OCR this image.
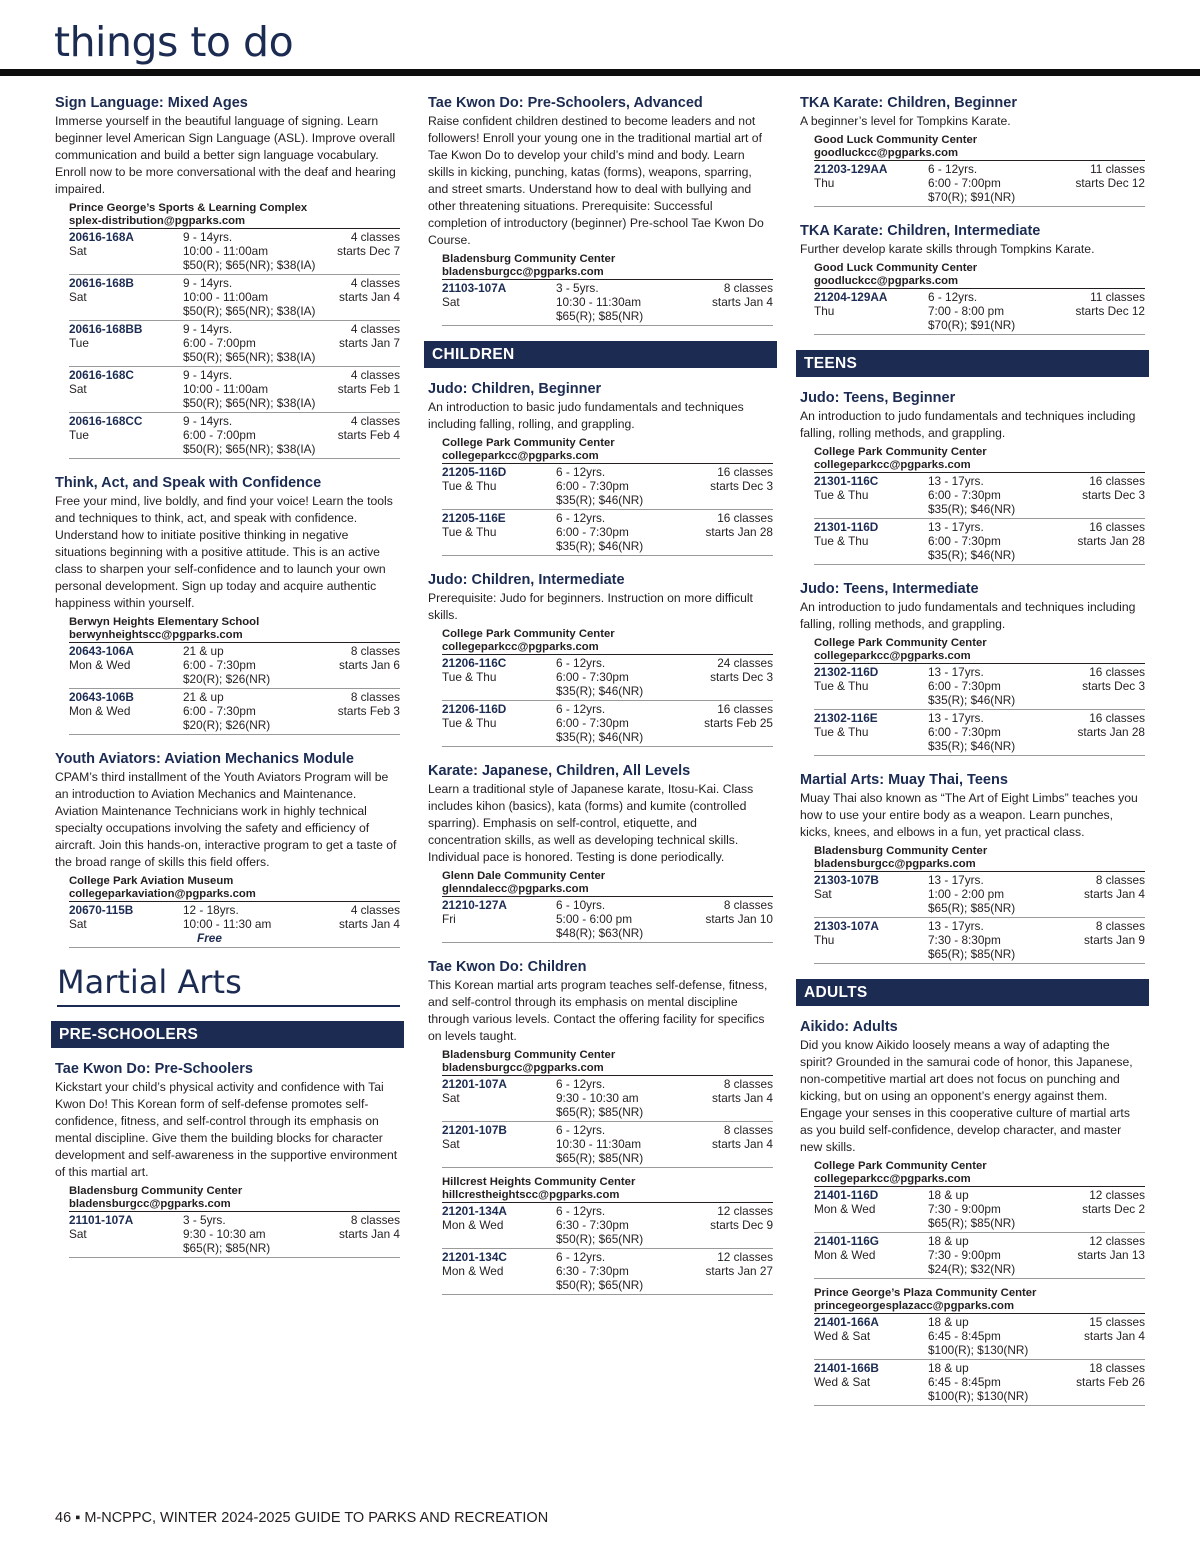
things to do
Sign Language: Mixed Ages
Immerse yourself in the beautiful language of signing. Learn beginner level American Sign Language (ASL). Improve overall communication and build a better sign language vocabulary. Enroll now to be more conversational with the deaf and hearing impaired.
Prince George’s Sports & Learning Complex
splex-distribution@pgparks.com
20616-168A
Sat
9 - 14yrs.
10:00 - 11:00am
$50(R); $65(NR); $38(IA)
4 classes
starts Dec 7
20616-168B
Sat
9 - 14yrs.
10:00 - 11:00am
$50(R); $65(NR); $38(IA)
4 classes
starts Jan 4
20616-168BB
Tue
9 - 14yrs.
6:00 - 7:00pm
$50(R); $65(NR); $38(IA)
4 classes
starts Jan 7
20616-168C
Sat
9 - 14yrs.
10:00 - 11:00am
$50(R); $65(NR); $38(IA)
4 classes
starts Feb 1
20616-168CC
Tue
9 - 14yrs.
6:00 - 7:00pm
$50(R); $65(NR); $38(IA)
4 classes
starts Feb 4
Think, Act, and Speak with Confidence
Free your mind, live boldly, and find your voice! Learn the tools and techniques to think, act, and speak with confidence. Understand how to initiate positive thinking in negative situations beginning with a positive attitude. This is an active class to sharpen your self-confidence and to launch your own personal development. Sign up today and acquire authentic happiness within yourself.
Berwyn Heights Elementary School
berwynheightscc@pgparks.com
20643-106A
Mon & Wed
21 & up
6:00 - 7:30pm
$20(R); $26(NR)
8 classes
starts Jan 6
20643-106B
Mon & Wed
21 & up
6:00 - 7:30pm
$20(R); $26(NR)
8 classes
starts Feb 3
Youth Aviators: Aviation Mechanics Module
CPAM’s third installment of the Youth Aviators Program will be an introduction to Aviation Mechanics and Maintenance. Aviation Maintenance Technicians work in highly technical specialty occupations involving the safety and efficiency of aircraft. Join this hands-on, interactive program to get a taste of the broad range of skills this field offers.
College Park Aviation Museum
collegeparkaviation@pgparks.com
20670-115B
Sat
12 - 18yrs.
10:00 - 11:30 am
Free
4 classes
starts Jan 4
Martial Arts
PRE-SCHOOLERS
Tae Kwon Do: Pre-Schoolers
Kickstart your child’s physical activity and confidence with Tai Kwon Do! This Korean form of self-defense promotes self-confidence, fitness, and self-control through its emphasis on mental discipline. Give them the building blocks for character development and self-awareness in the supportive environment of this martial art.
Bladensburg Community Center
bladensburgcc@pgparks.com
21101-107A
Sat
3 - 5yrs.
9:30 - 10:30 am
$65(R); $85(NR)
8 classes
starts Jan 4
Tae Kwon Do: Pre-Schoolers, Advanced
Raise confident children destined to become leaders and not followers! Enroll your young one in the traditional martial art of Tae Kwon Do to develop your child’s mind and body. Learn skills in kicking, punching, katas (forms), weapons, sparring, and street smarts. Understand how to deal with bullying and other threatening situations. Prerequisite: Successful completion of introductory (beginner) Pre-school Tae Kwon Do Course.
Bladensburg Community Center
bladensburgcc@pgparks.com
21103-107A
Sat
3 - 5yrs.
10:30 - 11:30am
$65(R); $85(NR)
8 classes
starts Jan 4
CHILDREN
Judo: Children, Beginner
An introduction to basic judo fundamentals and techniques including falling, rolling, and grappling.
College Park Community Center
collegeparkcc@pgparks.com
21205-116D
Tue & Thu
6 - 12yrs.
6:00 - 7:30pm
$35(R); $46(NR)
16 classes
starts Dec 3
21205-116E
Tue & Thu
6 - 12yrs.
6:00 - 7:30pm
$35(R); $46(NR)
16 classes
starts Jan 28
Judo: Children, Intermediate
Prerequisite: Judo for beginners. Instruction on more difficult skills.
College Park Community Center
collegeparkcc@pgparks.com
21206-116C
Tue & Thu
6 - 12yrs.
6:00 - 7:30pm
$35(R); $46(NR)
24 classes
starts Dec 3
21206-116D
Tue & Thu
6 - 12yrs.
6:00 - 7:30pm
$35(R); $46(NR)
16 classes
starts Feb 25
Karate: Japanese, Children, All Levels
Learn a traditional style of Japanese karate, Itosu-Kai. Class includes kihon (basics), kata (forms) and kumite (controlled sparring). Emphasis on self-control, etiquette, and concentration skills, as well as developing technical skills. Individual pace is honored. Testing is done periodically.
Glenn Dale Community Center
glenndalecc@pgparks.com
21210-127A
Fri
6 - 10yrs.
5:00 - 6:00 pm
$48(R); $63(NR)
8 classes
starts Jan 10
Tae Kwon Do: Children
This Korean martial arts program teaches self-defense, fitness, and self-control through its emphasis on mental discipline through various levels. Contact the offering facility for specifics on levels taught.
Bladensburg Community Center
bladensburgcc@pgparks.com
21201-107A
Sat
6 - 12yrs.
9:30 - 10:30 am
$65(R); $85(NR)
8 classes
starts Jan 4
21201-107B
Sat
6 - 12yrs.
10:30 - 11:30am
$65(R); $85(NR)
8 classes
starts Jan 4
Hillcrest Heights Community Center
hillcrestheightscc@pgparks.com
21201-134A
Mon & Wed
6 - 12yrs.
6:30 - 7:30pm
$50(R); $65(NR)
12 classes
starts Dec 9
21201-134C
Mon & Wed
6 - 12yrs.
6:30 - 7:30pm
$50(R); $65(NR)
12 classes
starts Jan 27
TKA Karate: Children, Beginner
A beginner’s level for Tompkins Karate.
Good Luck Community Center
goodluckcc@pgparks.com
21203-129AA
Thu
6 - 12yrs.
6:00 - 7:00pm
$70(R); $91(NR)
11 classes
starts Dec 12
TKA Karate: Children, Intermediate
Further develop karate skills through Tompkins Karate.
Good Luck Community Center
goodluckcc@pgparks.com
21204-129AA
Thu
6 - 12yrs.
7:00 - 8:00 pm
$70(R); $91(NR)
11 classes
starts Dec 12
TEENS
Judo: Teens, Beginner
An introduction to judo fundamentals and techniques including falling, rolling methods, and grappling.
College Park Community Center
collegeparkcc@pgparks.com
21301-116C
Tue & Thu
13 - 17yrs.
6:00 - 7:30pm
$35(R); $46(NR)
16 classes
starts Dec 3
21301-116D
Tue & Thu
13 - 17yrs.
6:00 - 7:30pm
$35(R); $46(NR)
16 classes
starts Jan 28
Judo: Teens, Intermediate
An introduction to judo fundamentals and techniques including falling, rolling methods, and grappling.
College Park Community Center
collegeparkcc@pgparks.com
21302-116D
Tue & Thu
13 - 17yrs.
6:00 - 7:30pm
$35(R); $46(NR)
16 classes
starts Dec 3
21302-116E
Tue & Thu
13 - 17yrs.
6:00 - 7:30pm
$35(R); $46(NR)
16 classes
starts Jan 28
Martial Arts: Muay Thai, Teens
Muay Thai also known as “The Art of Eight Limbs” teaches you how to use your entire body as a weapon. Learn punches, kicks, knees, and elbows in a fun, yet practical class.
Bladensburg Community Center
bladensburgcc@pgparks.com
21303-107B
Sat
13 - 17yrs.
1:00 - 2:00 pm
$65(R); $85(NR)
8 classes
starts Jan 4
21303-107A
Thu
13 - 17yrs.
7:30 - 8:30pm
$65(R); $85(NR)
8 classes
starts Jan 9
ADULTS
Aikido: Adults
Did you know Aikido loosely means a way of adapting the spirit? Grounded in the samurai code of honor, this Japanese, non-competitive martial art does not focus on punching and kicking, but on using an opponent’s energy against them. Engage your senses in this cooperative culture of martial arts as you build self-confidence, develop character, and master new skills.
College Park Community Center
collegeparkcc@pgparks.com
21401-116D
Mon & Wed
18 & up
7:30 - 9:00pm
$65(R); $85(NR)
12 classes
starts Dec 2
21401-116G
Mon & Wed
18 & up
7:30 - 9:00pm
$24(R); $32(NR)
12 classes
starts Jan 13
Prince George’s Plaza Community Center
princegeorgesplazacc@pgparks.com
21401-166A
Wed & Sat
18 & up
6:45 - 8:45pm
$100(R); $130(NR)
15 classes
starts Jan 4
21401-166B
Wed & Sat
18 & up
6:45 - 8:45pm
$100(R); $130(NR)
18 classes
starts Feb 26
46 ▪ M-NCPPC, WINTER 2024-2025 GUIDE TO PARKS AND RECREATION
